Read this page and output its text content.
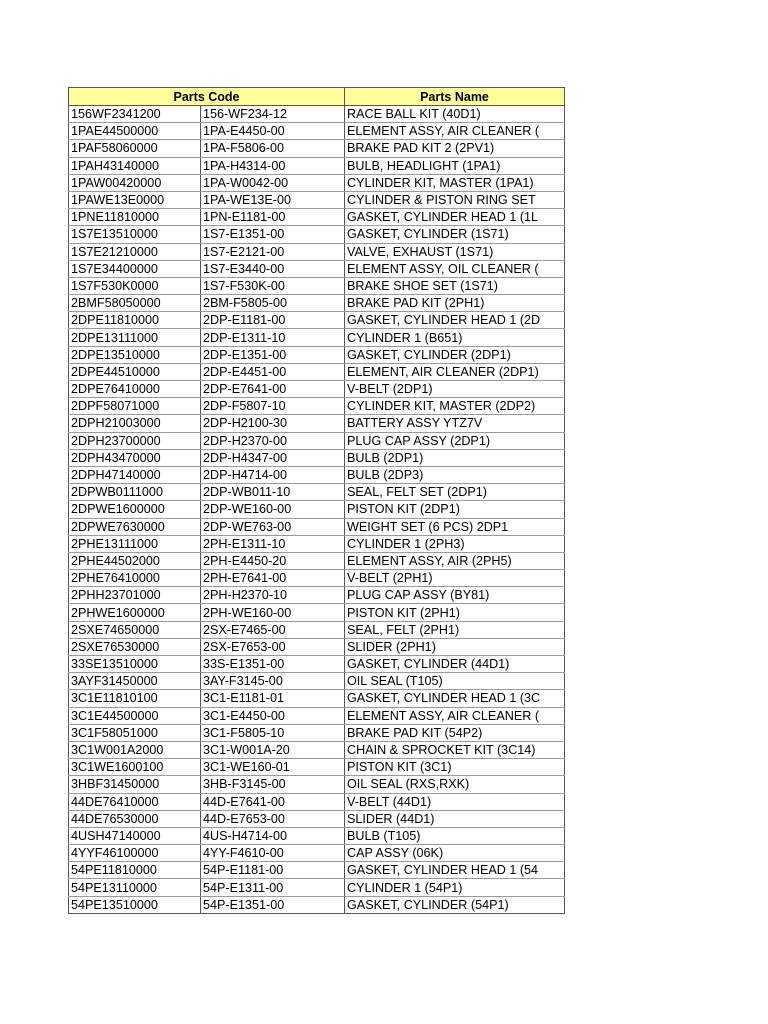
Parts Code		Parts Name
156WF2341200	156-WF234-12	RACE BALL KIT (40D1)
1PAE44500000	1PA-E4450-00	ELEMENT ASSY, AIR CLEANER (
1PAF58060000	1PA-F5806-00	BRAKE PAD KIT 2 (2PV1)
1PAH43140000	1PA-H4314-00	BULB, HEADLIGHT (1PA1)
1PAW00420000	1PA-W0042-00	CYLINDER KIT, MASTER (1PA1)
1PAWE13E0000	1PA-WE13E-00	CYLINDER & PISTON RING SET
1PNE11810000	1PN-E1181-00	GASKET, CYLINDER HEAD 1 (1L
1S7E13510000	1S7-E1351-00	GASKET, CYLINDER (1S71)
1S7E21210000	1S7-E2121-00	VALVE, EXHAUST (1S71)
1S7E34400000	1S7-E3440-00	ELEMENT ASSY, OIL CLEANER (
1S7F530K0000	1S7-F530K-00	BRAKE SHOE SET (1S71)
2BMF58050000	2BM-F5805-00	BRAKE PAD KIT (2PH1)
2DPE11810000	2DP-E1181-00	GASKET, CYLINDER HEAD 1 (2D
2DPE13111000	2DP-E1311-10	CYLINDER 1 (B651)
2DPE13510000	2DP-E1351-00	GASKET, CYLINDER (2DP1)
2DPE44510000	2DP-E4451-00	ELEMENT, AIR CLEANER (2DP1)
2DPE76410000	2DP-E7641-00	V-BELT (2DP1)
2DPF58071000	2DP-F5807-10	CYLINDER KIT, MASTER (2DP2)
2DPH21003000	2DP-H2100-30	BATTERY ASSY YTZ7V
2DPH23700000	2DP-H2370-00	PLUG CAP ASSY (2DP1)
2DPH43470000	2DP-H4347-00	BULB (2DP1)
2DPH47140000	2DP-H4714-00	BULB (2DP3)
2DPWB0111000	2DP-WB011-10	SEAL, FELT SET (2DP1)
2DPWE1600000	2DP-WE160-00	PISTON KIT (2DP1)
2DPWE7630000	2DP-WE763-00	WEIGHT SET (6 PCS) 2DP1
2PHE13111000	2PH-E1311-10	CYLINDER 1 (2PH3)
2PHE44502000	2PH-E4450-20	ELEMENT ASSY, AIR (2PH5)
2PHE76410000	2PH-E7641-00	V-BELT (2PH1)
2PHH23701000	2PH-H2370-10	PLUG CAP ASSY (BY81)
2PHWE1600000	2PH-WE160-00	PISTON KIT (2PH1)
2SXE74650000	2SX-E7465-00	SEAL, FELT (2PH1)
2SXE76530000	2SX-E7653-00	SLIDER (2PH1)
33SE13510000	33S-E1351-00	GASKET, CYLINDER (44D1)
3AYF31450000	3AY-F3145-00	OIL SEAL (T105)
3C1E11810100	3C1-E1181-01	GASKET, CYLINDER HEAD 1 (3C
3C1E44500000	3C1-E4450-00	ELEMENT ASSY, AIR CLEANER (
3C1F58051000	3C1-F5805-10	BRAKE PAD KIT (54P2)
3C1W001A2000	3C1-W001A-20	CHAIN & SPROCKET KIT (3C14)
3C1WE1600100	3C1-WE160-01	PISTON KIT (3C1)
3HBF31450000	3HB-F3145-00	OIL SEAL (RXS,RXK)
44DE76410000	44D-E7641-00	V-BELT (44D1)
44DE76530000	44D-E7653-00	SLIDER (44D1)
4USH47140000	4US-H4714-00	BULB (T105)
4YYF46100000	4YY-F4610-00	CAP ASSY (06K)
54PE11810000	54P-E1181-00	GASKET, CYLINDER HEAD 1 (54
54PE13110000	54P-E1311-00	CYLINDER 1 (54P1)
54PE13510000	54P-E1351-00	GASKET, CYLINDER (54P1)
